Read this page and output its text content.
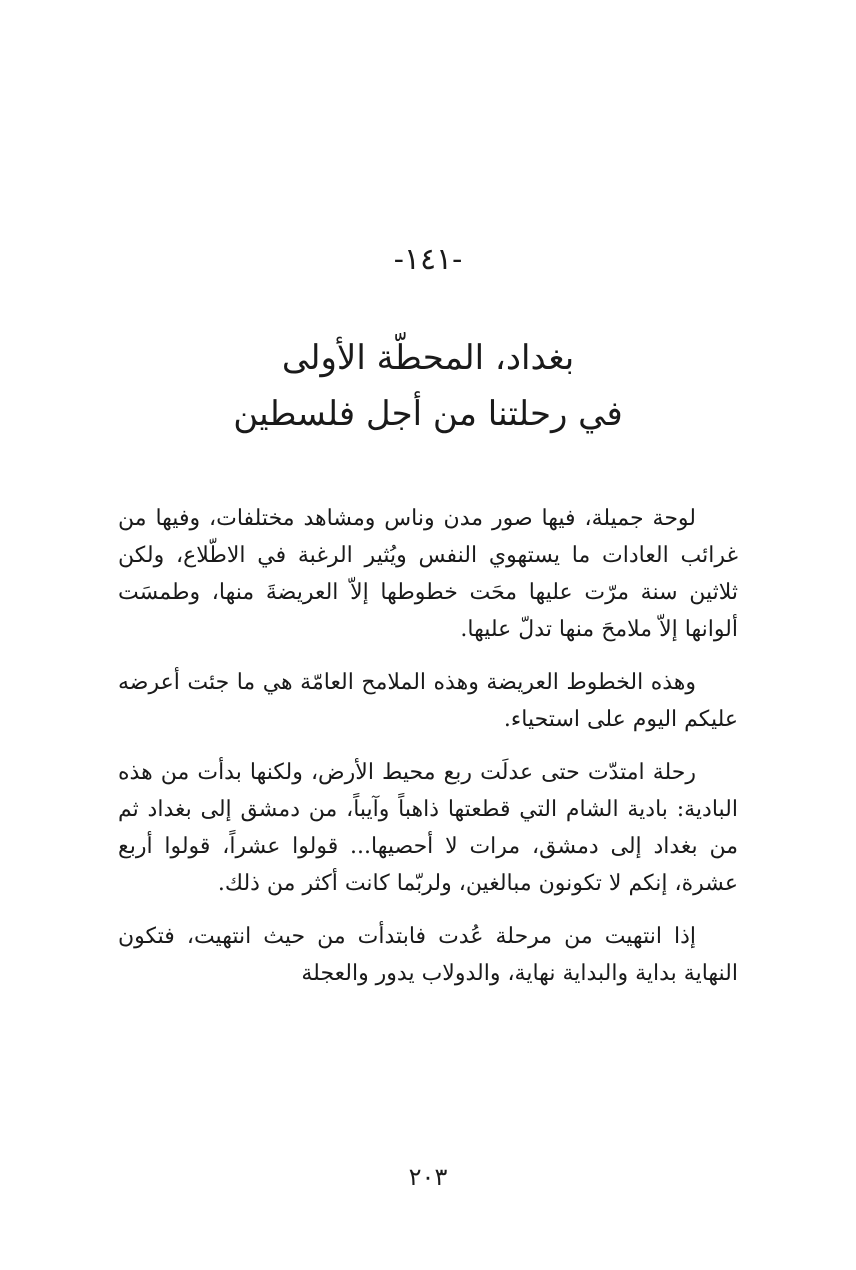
-١٤١-
بغداد، المحطّة الأولى
في رحلتنا من أجل فلسطين

لوحة جميلة، فيها صور مدن وناس ومشاهد مختلفات، وفيها من غرائب العادات ما يستهوي النفس ويُثير الرغبة في الاطّلاع، ولكن ثلاثين سنة مرّت عليها محَت خطوطها إلاّ العريضةَ منها، وطمسَت ألوانها إلاّ ملامحَ منها تدلّ عليها.

وهذه الخطوط العريضة وهذه الملامح العامّة هي ما جئت أعرضه عليكم اليوم على استحياء.

رحلة امتدّت حتى عدلَت ربع محيط الأرض، ولكنها بدأت من هذه البادية: بادية الشام التي قطعتها ذاهباً وآيباً، من دمشق إلى بغداد ثم من بغداد إلى دمشق، مرات لا أحصيها... قولوا عشراً، قولوا أربع عشرة، إنكم لا تكونون مبالغين، ولربّما كانت أكثر من ذلك.

إذا انتهيت من مرحلة عُدت فابتدأت من حيث انتهيت، فتكون النهاية بداية والبداية نهاية، والدولاب يدور والعجلة

٢٠٣
